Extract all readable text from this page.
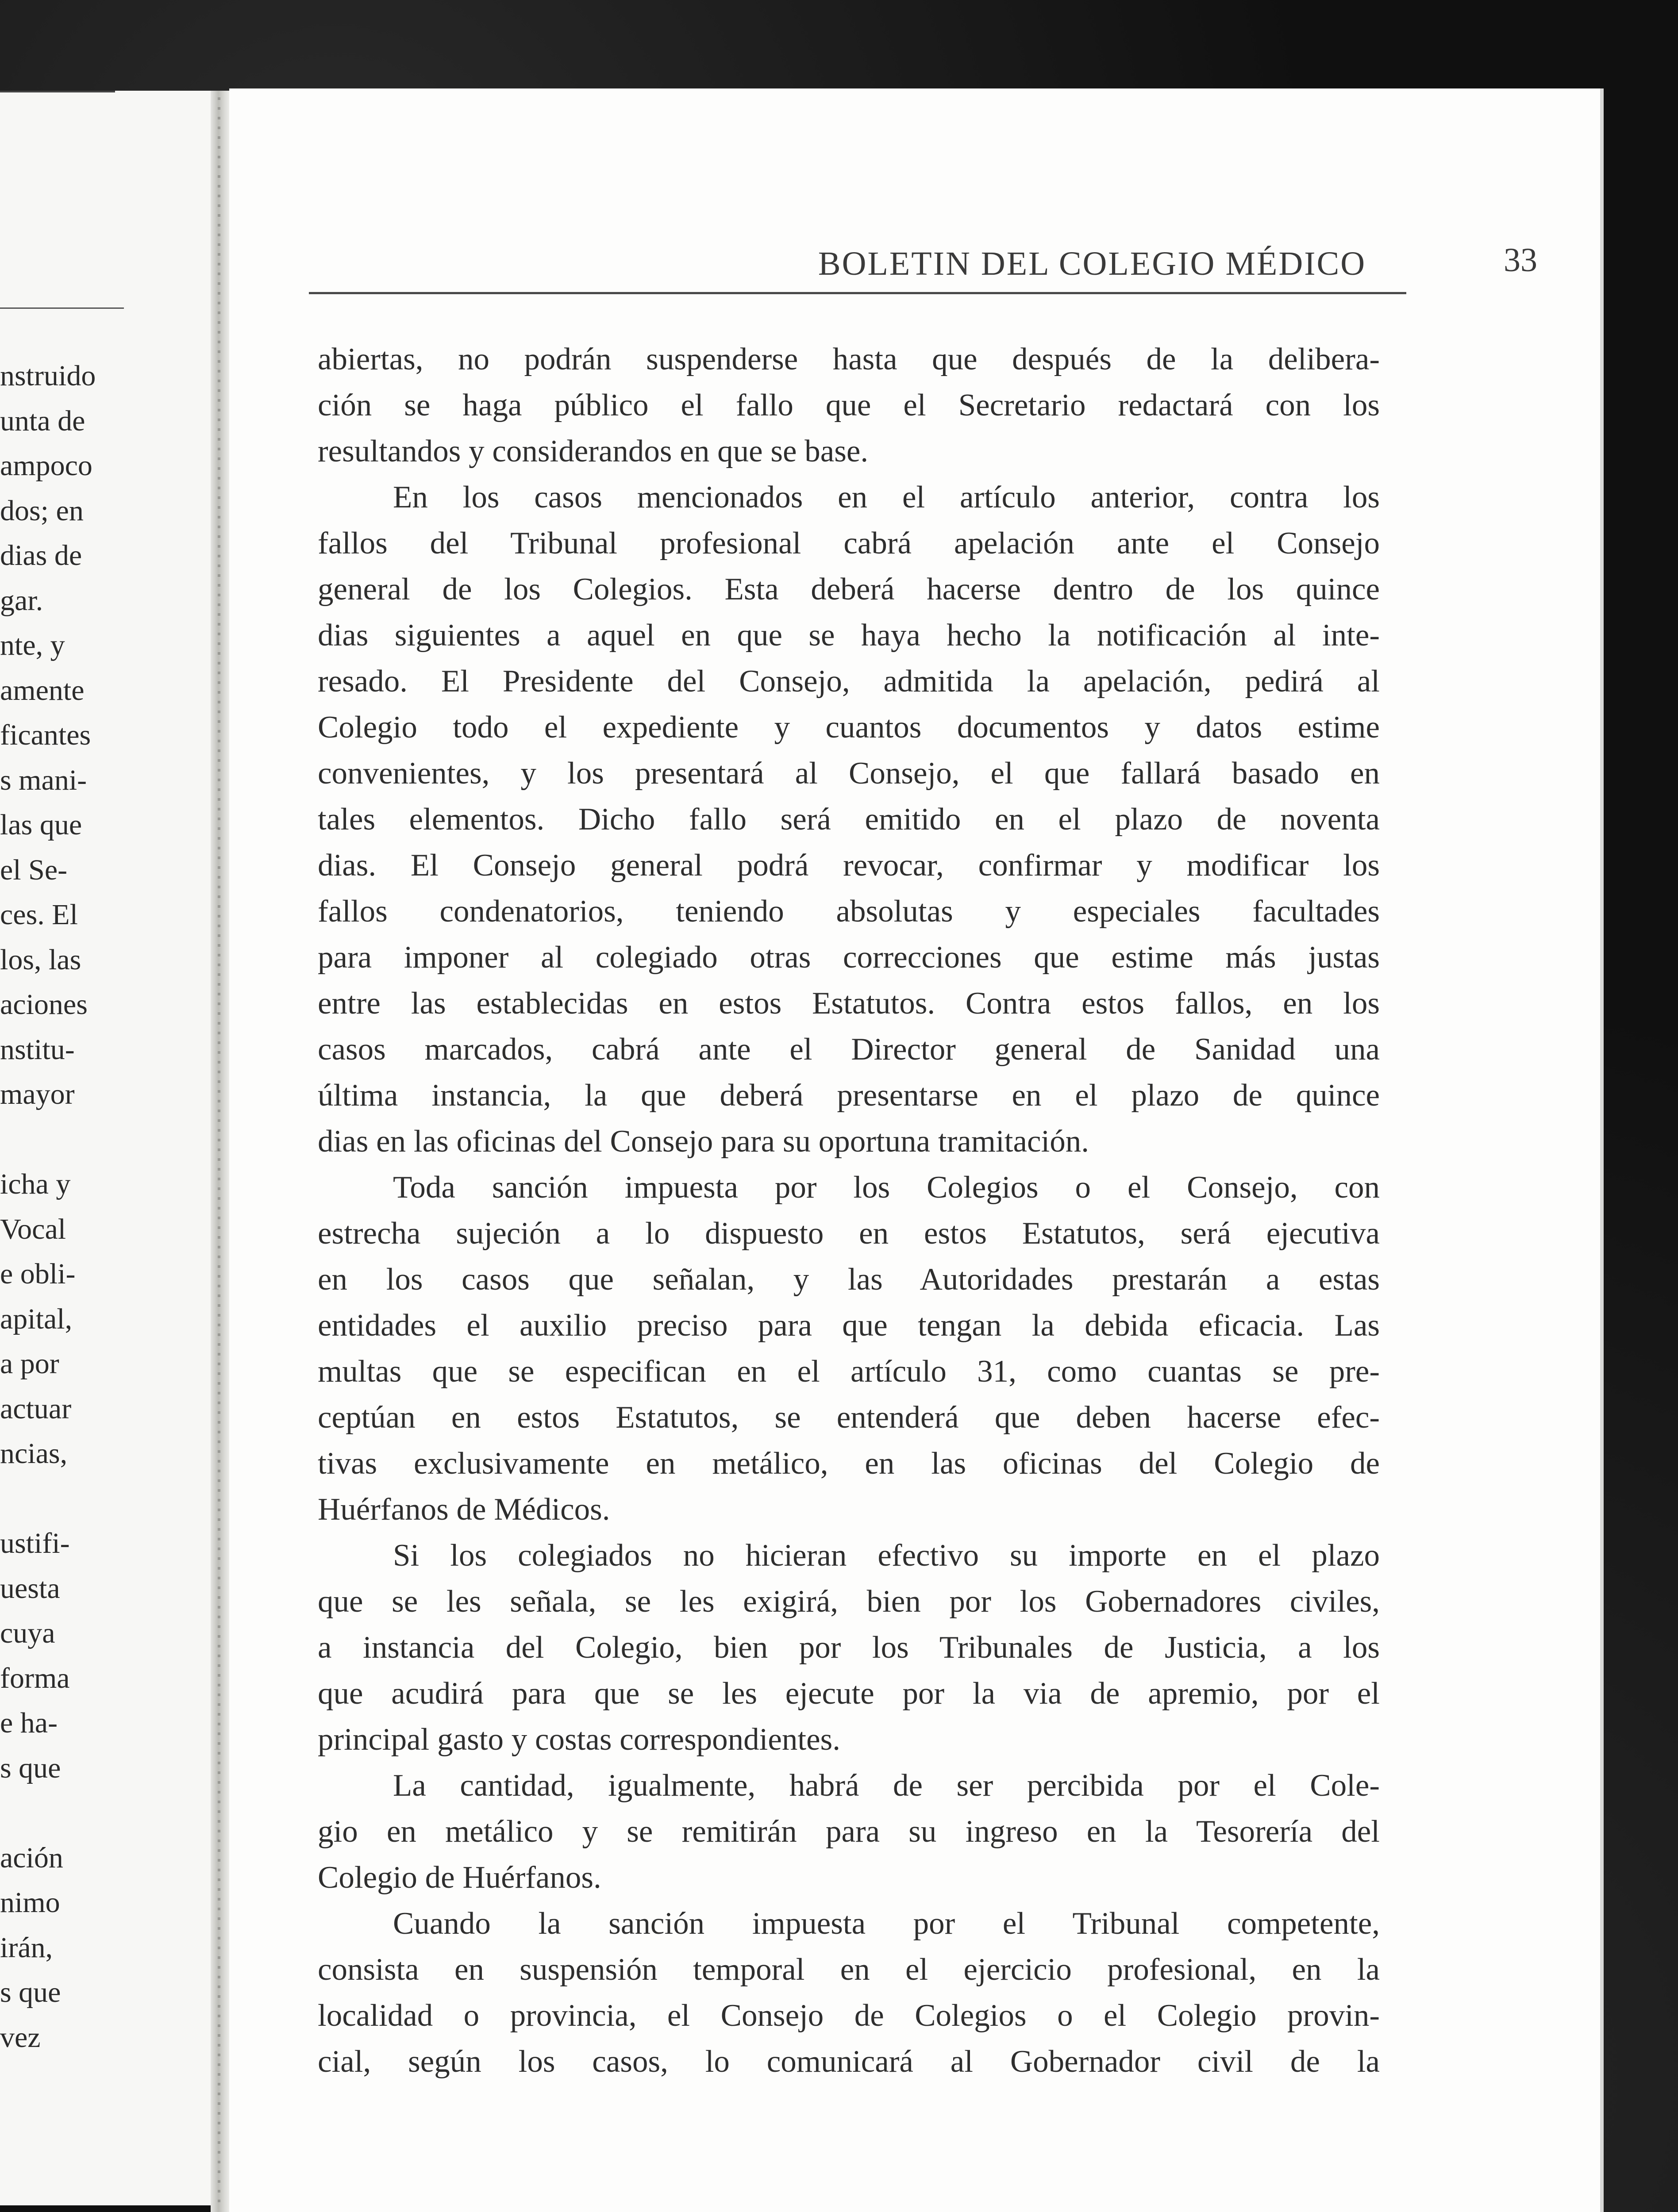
nstruido
unta de
ampoco
dos; en
dias de
gar.
nte, y
amente
ficantes
s mani-
las que
el Se-
ces. El
los, las
aciones
nstitu-
mayor
icha y
Vocal
e obli-
apital,
a por
actuar
ncias,
ustifi-
uesta
cuya
forma
e ha-
s que
ación
nimo
irán,
s que
vez
BOLETIN DEL COLEGIO MÉDICO	33
abiertas, no podrán suspenderse hasta que después de la delibera-
ción se haga público el fallo que el Secretario redactará con los
resultandos y considerandos en que se base.
En los casos mencionados en el artículo anterior, contra los
fallos del Tribunal profesional cabrá apelación ante el Consejo
general de los Colegios. Esta deberá hacerse dentro de los quince
dias siguientes a aquel en que se haya hecho la notificación al inte-
resado. El Presidente del Consejo, admitida la apelación, pedirá al
Colegio todo el expediente y cuantos documentos y datos estime
convenientes, y los presentará al Consejo, el que fallará basado en
tales elementos. Dicho fallo será emitido en el plazo de noventa
dias. El Consejo general podrá revocar, confirmar y modificar los
fallos condenatorios, teniendo absolutas y especiales facultades
para imponer al colegiado otras correcciones que estime más justas
entre las establecidas en estos Estatutos. Contra estos fallos, en los
casos marcados, cabrá ante el Director general de Sanidad una
última instancia, la que deberá presentarse en el plazo de quince
dias en las oficinas del Consejo para su oportuna tramitación.
Toda sanción impuesta por los Colegios o el Consejo, con
estrecha sujeción a lo dispuesto en estos Estatutos, será ejecutiva
en los casos que señalan, y las Autoridades prestarán a estas
entidades el auxilio preciso para que tengan la debida eficacia. Las
multas que se especifican en el artículo 31, como cuantas se pre-
ceptúan en estos Estatutos, se entenderá que deben hacerse efec-
tivas exclusivamente en metálico, en las oficinas del Colegio de
Huérfanos de Médicos.
Si los colegiados no hicieran efectivo su importe en el plazo
que se les señala, se les exigirá, bien por los Gobernadores civiles,
a instancia del Colegio, bien por los Tribunales de Justicia, a los
que acudirá para que se les ejecute por la via de apremio, por el
principal gasto y costas correspondientes.
La cantidad, igualmente, habrá de ser percibida por el Cole-
gio en metálico y se remitirán para su ingreso en la Tesorería del
Colegio de Huérfanos.
Cuando la sanción impuesta por el Tribunal competente,
consista en suspensión temporal en el ejercicio profesional, en la
localidad o provincia, el Consejo de Colegios o el Colegio provin-
cial, según los casos, lo comunicará al Gobernador civil de la
